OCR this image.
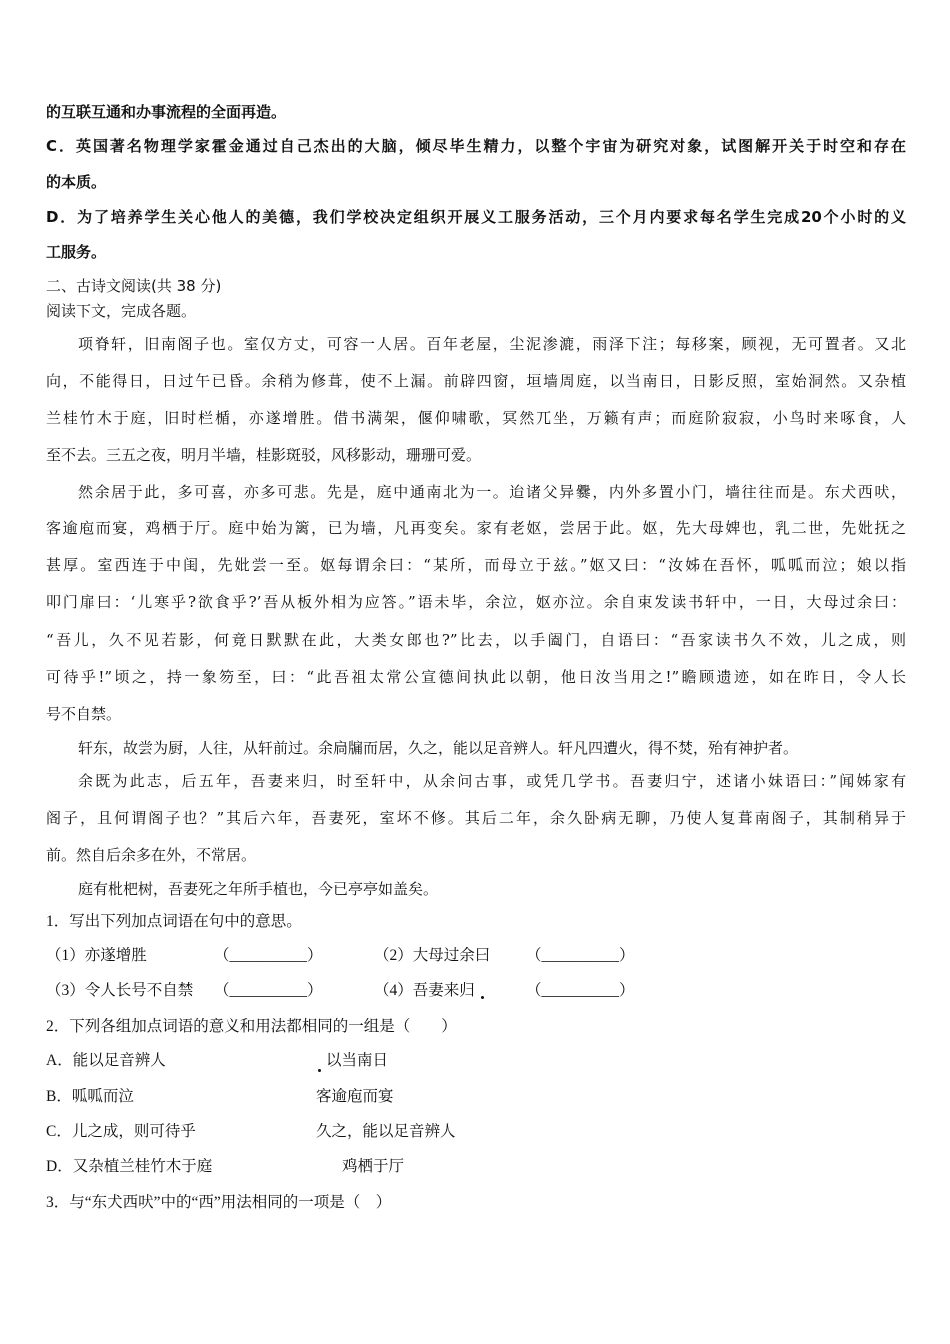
的互联互通和办事流程的全面再造。
C．英国著名物理学家霍金通过自己杰出的大脑，倾尽毕生精力，以整个宇宙为研究对象，试图解开关于时空和存在
的本质。
D．为了培养学生关心他人的美德，我们学校决定组织开展义工服务活动，三个月内要求每名学生完成20个小时的义
工服务。
二、古诗文阅读(共 38 分)
阅读下文，完成各题。
项脊轩，旧南阁子也。室仅方丈，可容一人居。百年老屋，尘泥渗漉，雨泽下注；每移案，顾视，无可置者。又北
向，不能得日，日过午已昏。余稍为修葺，使不上漏。前辟四窗，垣墙周庭，以当南日，日影反照，室始洞然。又杂植
兰桂竹木于庭，旧时栏楯，亦遂增胜。借书满架，偃仰啸歌，冥然兀坐，万籁有声；而庭阶寂寂，小鸟时来啄食，人
至不去。三五之夜，明月半墙，桂影斑驳，风移影动，珊珊可爱。
然余居于此，多可喜，亦多可悲。先是，庭中通南北为一。迨诸父异爨，内外多置小门，墙往往而是。东犬西吠，
客逾庖而宴，鸡栖于厅。庭中始为篱，已为墙，凡再变矣。家有老妪，尝居于此。妪，先大母婢也，乳二世，先妣抚之
甚厚。室西连于中闺，先妣尝一至。妪每谓余曰：“某所，而母立于兹。”妪又曰：“汝姊在吾怀，呱呱而泣；娘以指
叩门扉曰：‘儿寒乎?欲食乎?’吾从板外相为应答。”语未毕，余泣，妪亦泣。余自束发读书轩中，一日，大母过余曰：
“吾儿，久不见若影，何竟日默默在此，大类女郎也?”比去，以手阖门，自语曰：“吾家读书久不效，儿之成，则
可待乎!”顷之，持一象笏至，曰：“此吾祖太常公宣德间执此以朝，他日汝当用之!”瞻顾遗迹，如在昨日，令人长
号不自禁。
轩东，故尝为厨，人往，从轩前过。余扃牖而居，久之，能以足音辨人。轩凡四遭火，得不焚，殆有神护者。
余既为此志，后五年，吾妻来归，时至轩中，从余问古事，或凭几学书。吾妻归宁，述诸小妹语曰：”闻姊家有
阁子，且何谓阁子也？”其后六年，吾妻死，室坏不修。其后二年，余久卧病无聊，乃使人复葺南阁子，其制稍异于
前。然自后余多在外，不常居。
庭有枇杷树，吾妻死之年所手植也，今已亭亭如盖矣。
1．写出下列加点词语在句中的意思。
（1）亦遂增胜	（__________）	（2）大母过余曰 （__________）
（3）令人长号不自禁 （__________）	（4）吾妻来归	（__________）
2．下列各组加点词语的意义和用法都相同的一组是（　　）
A．能以足音辨人	以当南日
B．呱呱而泣	客逾庖而宴
C．儿之成，则可待乎	久之，能以足音辨人
D．又杂植兰桂竹木于庭	鸡栖于厅
3．与“东犬西吠”中的“西”用法相同的一项是（　）
